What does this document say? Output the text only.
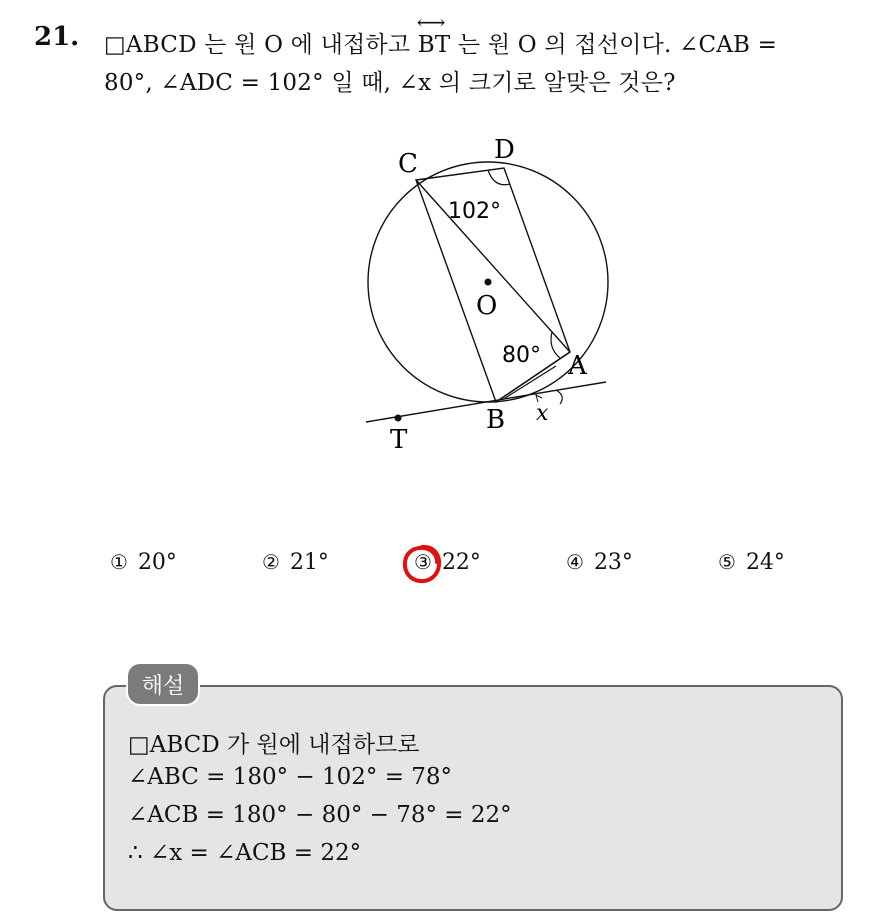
21. □ABCD 는 원 O 에 내접하고 ⟷ BT 는 원 O 의 접선이다. ∠CAB =
80°, ∠ADC = 102° 일 때, ∠x 의 크기로 알맞은 것은?
C	D
A
B
T
O
x
102°
80°
① 20°	② 21°	③ 22°	④ 23°	⑤ 24°
해설
□ABCD 가 원에 내접하므로
∠ABC = 180° − 102° = 78°
∠ACB = 180° − 80° − 78° = 22°
∴ ∠x = ∠ACB = 22°
